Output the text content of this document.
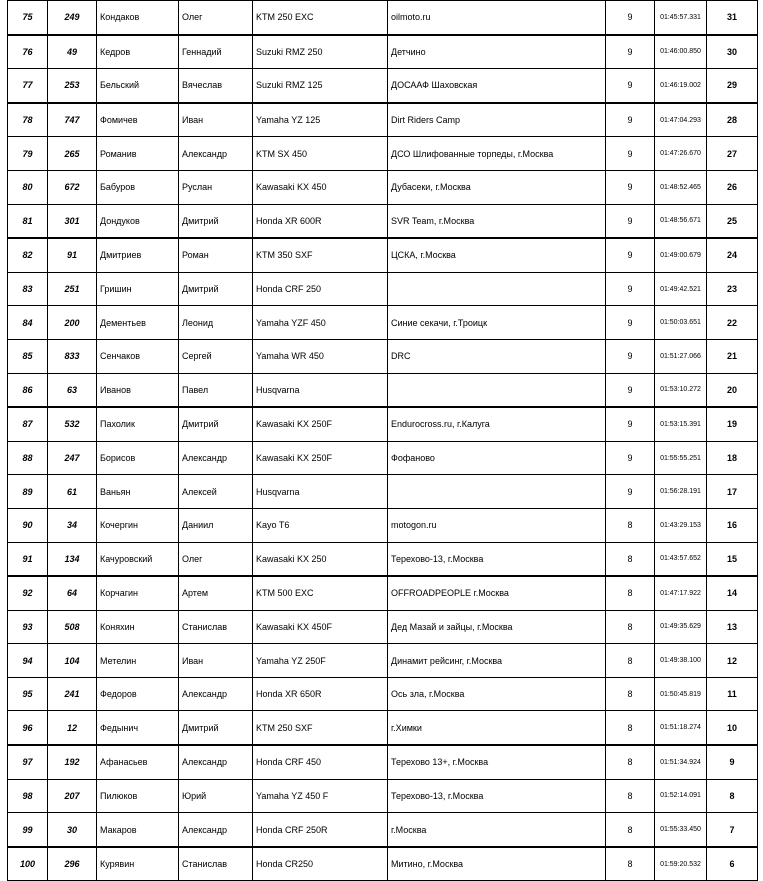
75	249	Кондаков	Олег	KTM 250 EXC	oilmoto.ru	9	01:45:57.331	31
76	49	Кедров	Геннадий	Suzuki RMZ 250	Детчино	9	01:46:00.850	30
77	253	Бельский	Вячеслав	Suzuki RMZ 125	ДОСААФ Шаховская	9	01:46:19.002	29
78	747	Фомичев	Иван	Yamaha YZ 125	Dirt Riders Camp	9	01:47:04.293	28
79	265	Романив	Александр	KTM SX 450	ДСО Шлифованные торпеды, г.Москва	9	01:47:26.670	27
80	672	Бабуров	Руслан	Kawasaki KX 450	Дубасеки, г.Москва	9	01:48:52.465	26
81	301	Дондуков	Дмитрий	Honda XR 600R	SVR Team, г.Москва	9	01:48:56.671	25
82	91	Дмитриев	Роман	KTM 350 SXF	ЦСКА, г.Москва	9	01:49:00.679	24
83	251	Гришин	Дмитрий	Honda CRF 250		9	01:49:42.521	23
84	200	Дементьев	Леонид	Yamaha YZF 450	Синие секачи, г.Троицк	9	01:50:03.651	22
85	833	Сенчаков	Сергей	Yamaha WR 450	DRC	9	01:51:27.066	21
86	63	Иванов	Павел	Husqvarna		9	01:53:10.272	20
87	532	Пахолик	Дмитрий	Kawasaki KX 250F	Endurocross.ru, г.Калуга	9	01:53:15.391	19
88	247	Борисов	Александр	Kawasaki KX 250F	Фофаново	9	01:55:55.251	18
89	61	Ваньян	Алексей	Husqvarna		9	01:56:28.191	17
90	34	Кочергин	Даниил	Kayo T6	motogon.ru	8	01:43:29.153	16
91	134	Качуровский	Олег	Kawasaki KX 250	Терехово-13, г.Москва	8	01:43:57.652	15
92	64	Корчагин	Артем	KTM 500 EXC	OFFROADPEOPLE г.Москва	8	01:47:17.922	14
93	508	Коняхин	Станислав	Kawasaki KX 450F	Дед Мазай и зайцы, г.Москва	8	01:49:35.629	13
94	104	Метелин	Иван	Yamaha YZ 250F	Динамит рейсинг, г.Москва	8	01:49:38.100	12
95	241	Федоров	Александр	Honda XR 650R	Ось зла, г.Москва	8	01:50:45.819	11
96	12	Федынич	Дмитрий	KTM 250 SXF	г.Химки	8	01:51:18.274	10
97	192	Афанасьев	Александр	Honda CRF 450	Терехово 13+, г.Москва	8	01:51:34.924	9
98	207	Пилюков	Юрий	Yamaha YZ 450 F	Терехово-13, г.Москва	8	01:52:14.091	8
99	30	Макаров	Александр	Honda CRF 250R	г.Москва	8	01:55:33.450	7
100	296	Курявин	Станислав	Honda CR250	Митино, г.Москва	8	01:59:20.532	6
